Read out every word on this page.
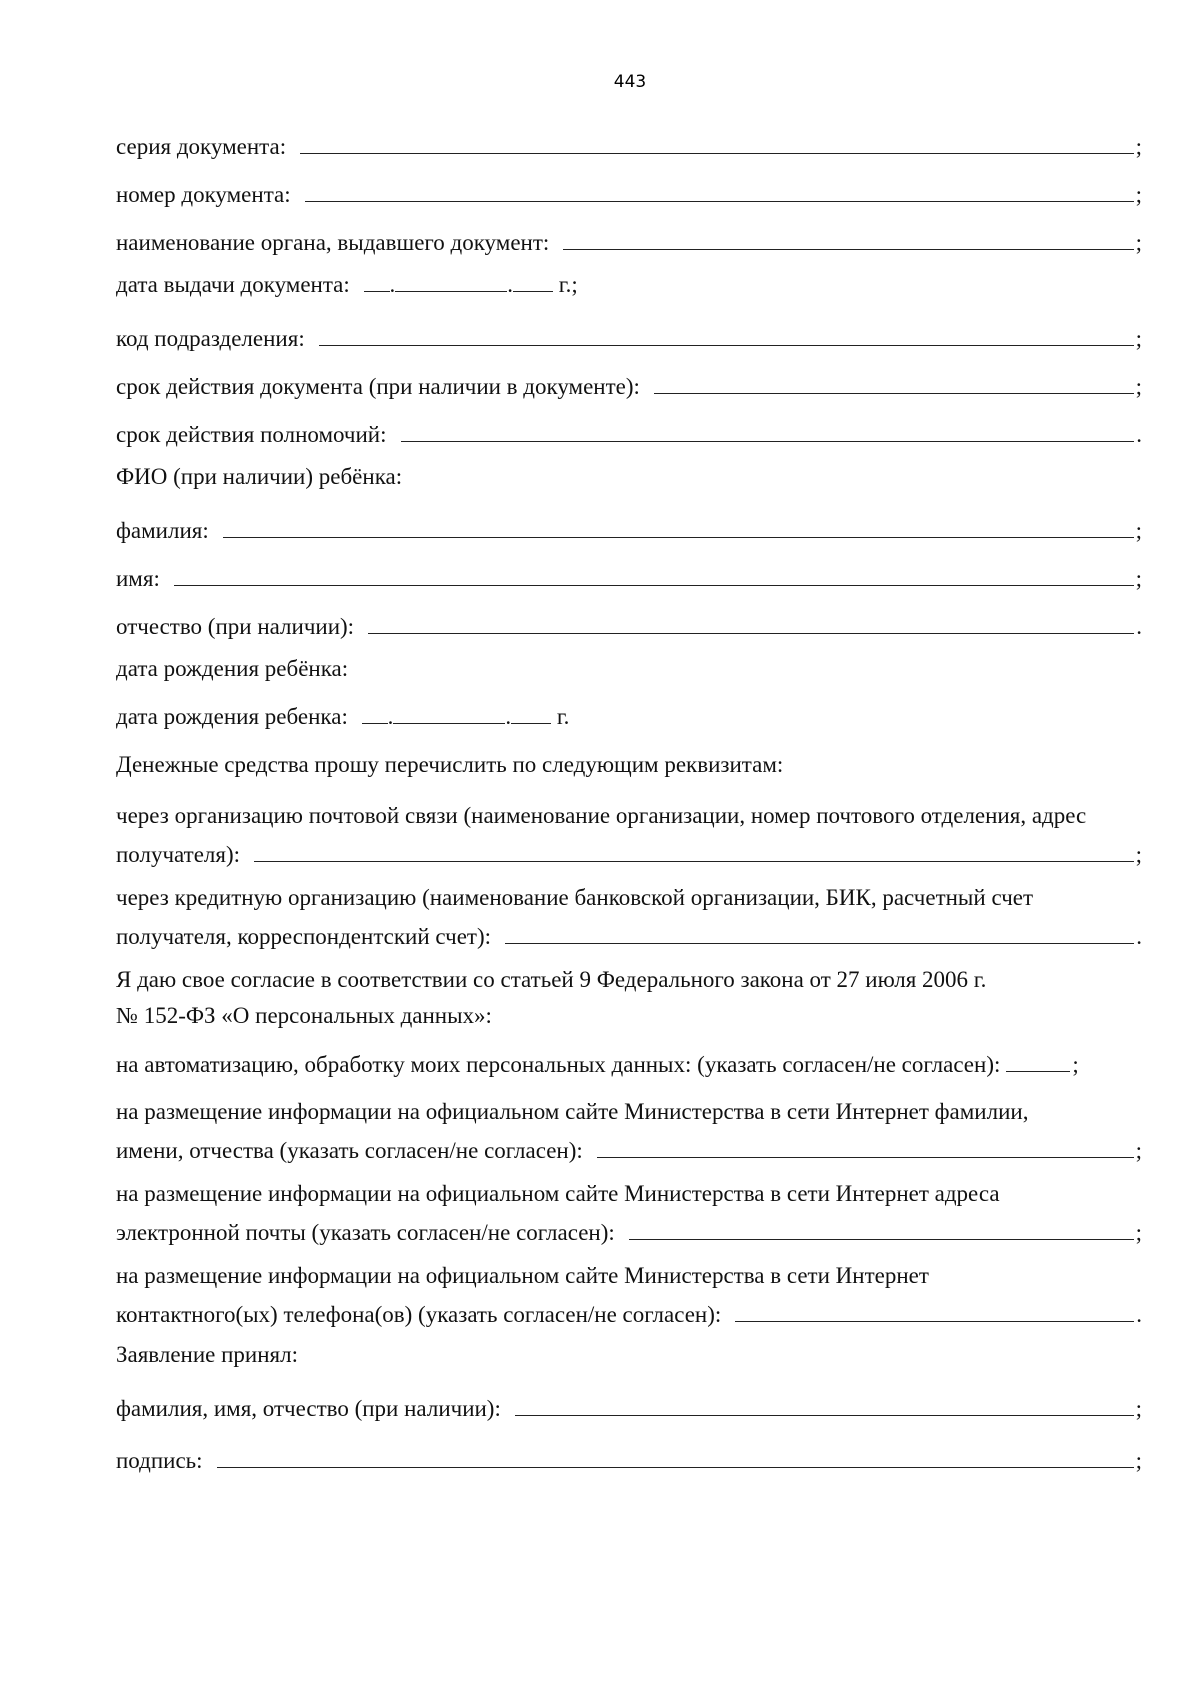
443
серия документа:	;
номер документа:	;
наименование органа, выдавшего документ:	;
дата выдачи документа: .	. г.;
код подразделения:	;
срок действия документа (при наличии в документе):	;
срок действия полномочий:	.
ФИО (при наличии) ребёнка:
фамилия:	;
имя:	;
отчество (при наличии):	.
дата рождения ребёнка:
дата рождения ребенка: .	. г.
Денежные средства прошу перечислить по следующим реквизитам:
через организацию почтовой связи (наименование организации, номер почтового отделения, адрес
получателя):	;
через кредитную организацию (наименование банковской организации, БИК, расчетный счет
получателя, корреспондентский счет):	.
Я даю свое согласие в соответствии со статьей 9 Федерального закона от 27 июля 2006 г.
№ 152-ФЗ «О персональных данных»:
на автоматизацию, обработку моих персональных данных: (указать согласен/не согласен):	;
на размещение информации на официальном сайте Министерства в сети Интернет фамилии,
имени, отчества (указать согласен/не согласен):	;
на размещение информации на официальном сайте Министерства в сети Интернет адреса
электронной почты (указать согласен/не согласен):	;
на размещение информации на официальном сайте Министерства в сети Интернет
контактного(ых) телефона(ов) (указать согласен/не согласен):	.
Заявление принял:
фамилия, имя, отчество (при наличии):	;
подпись:	;
